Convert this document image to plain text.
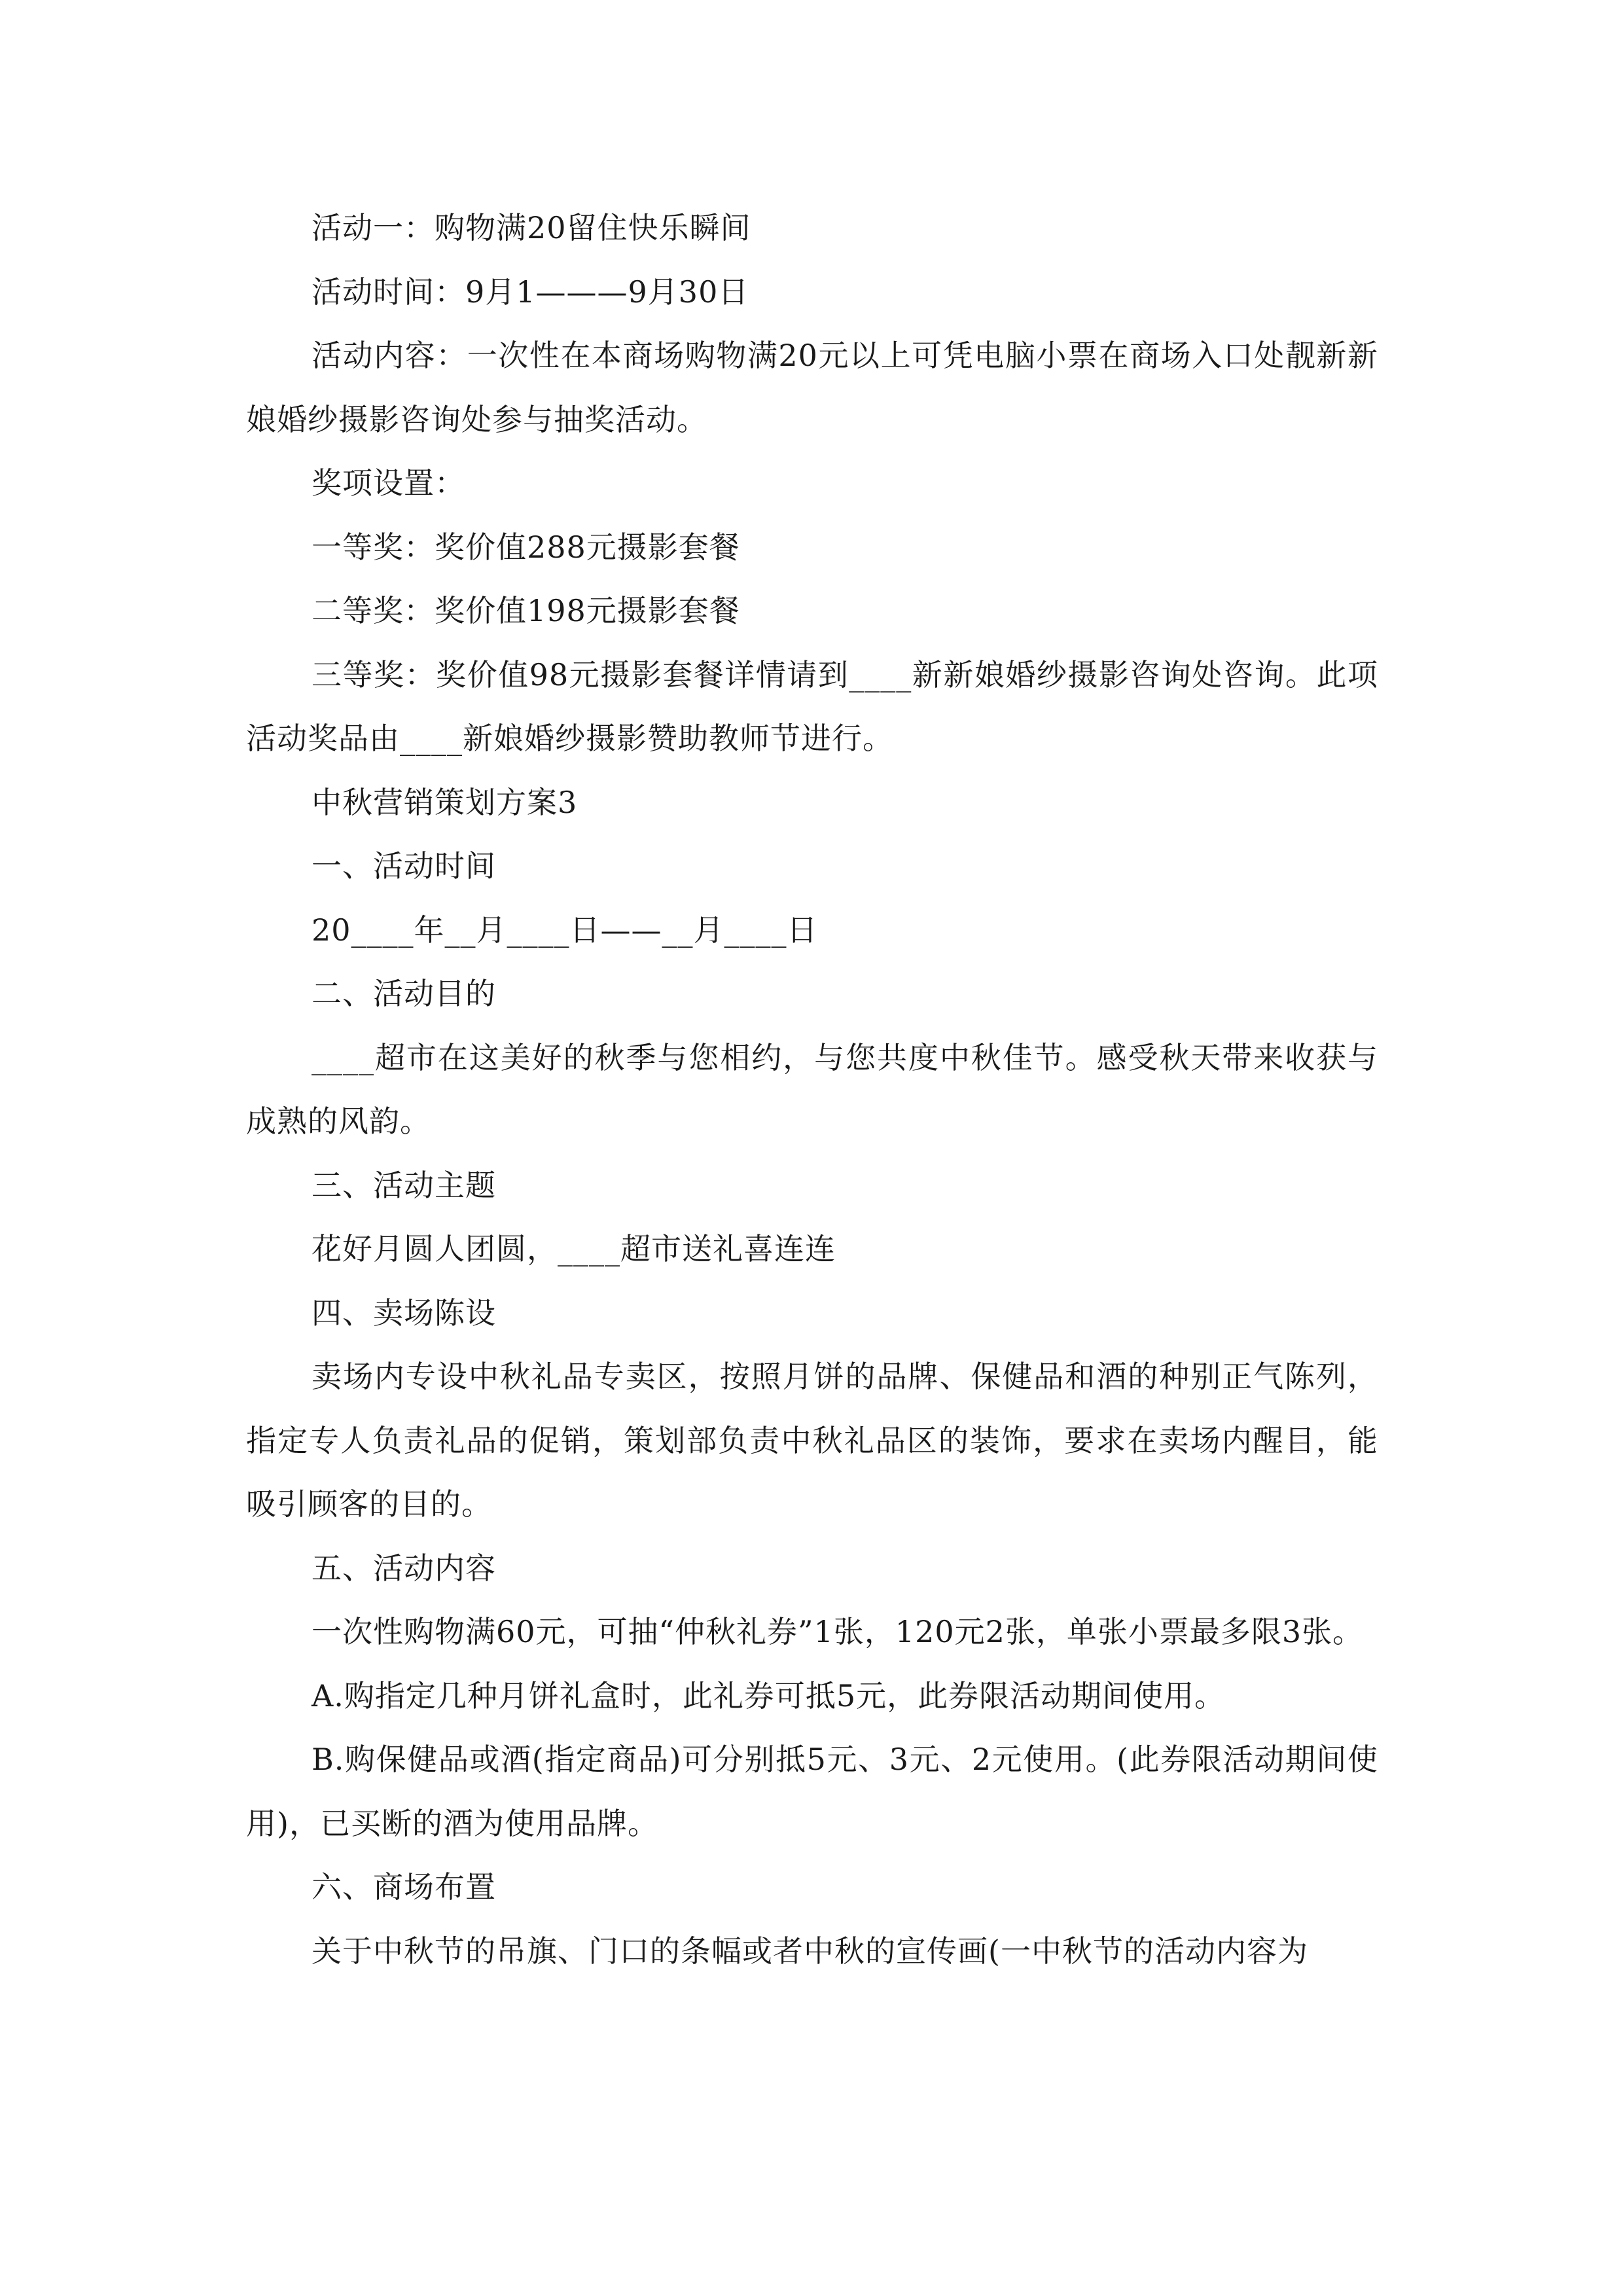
活动一：购物满20留住快乐瞬间

活动时间：9月1———9月30日

活动内容：一次性在本商场购物满20元以上可凭电脑小票在商场入口处靓新新娘婚纱摄影咨询处参与抽奖活动。

奖项设置：

一等奖：奖价值288元摄影套餐

二等奖：奖价值198元摄影套餐

三等奖：奖价值98元摄影套餐详情请到____新新娘婚纱摄影咨询处咨询。此项活动奖品由____新娘婚纱摄影赞助教师节进行。

中秋营销策划方案3

一、活动时间

20____年__月____日——__月____日

二、活动目的

____超市在这美好的秋季与您相约，与您共度中秋佳节。感受秋天带来收获与成熟的风韵。

三、活动主题

花好月圆人团圆，____超市送礼喜连连

四、卖场陈设

卖场内专设中秋礼品专卖区，按照月饼的品牌、保健品和酒的种别正气陈列，指定专人负责礼品的促销，策划部负责中秋礼品区的装饰，要求在卖场内醒目，能吸引顾客的目的。

五、活动内容

一次性购物满60元，可抽“仲秋礼券”1张，120元2张，单张小票最多限3张。

A.购指定几种月饼礼盒时，此礼券可抵5元，此券限活动期间使用。

B.购保健品或酒(指定商品)可分别抵5元、3元、2元使用。(此券限活动期间使用)，已买断的酒为使用品牌。

六、商场布置

关于中秋节的吊旗、门口的条幅或者中秋的宣传画(一中秋节的活动内容为
